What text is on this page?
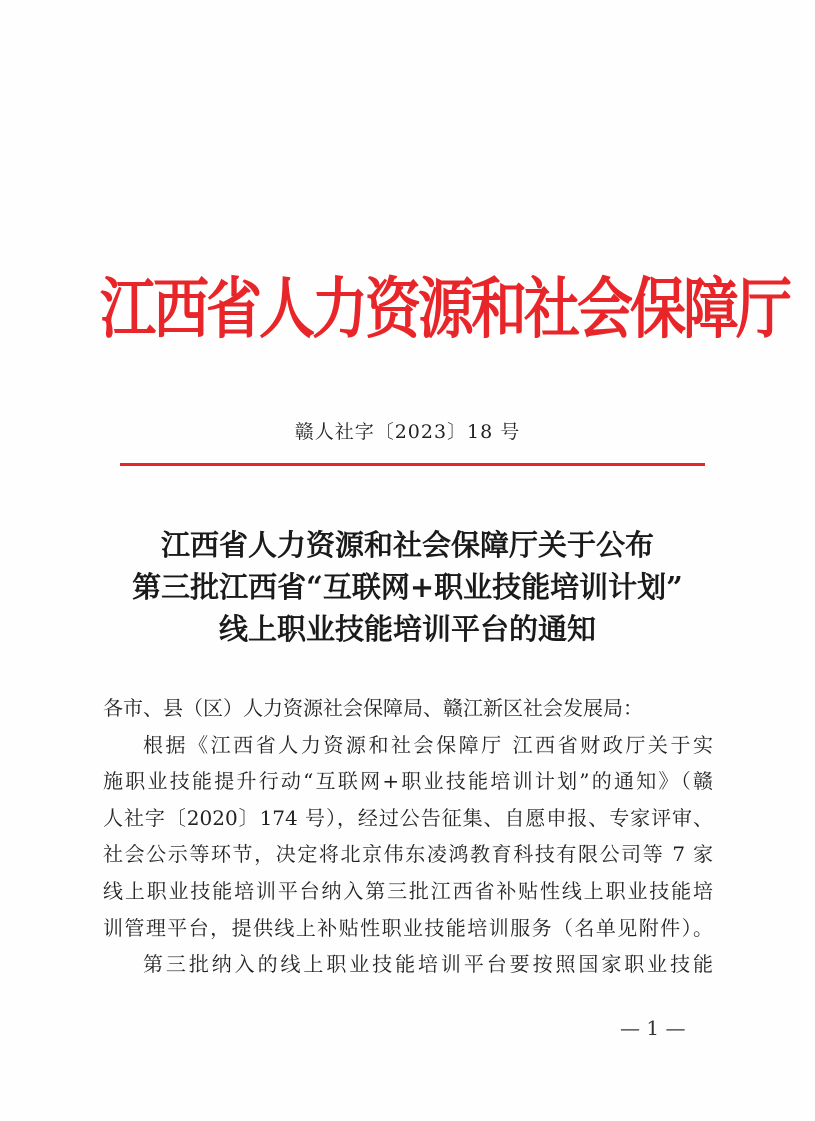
江西省人力资源和社会保障厅
赣人社字〔2023〕18 号
江西省人力资源和社会保障厅关于公布
第三批江西省“互联网+职业技能培训计划”
线上职业技能培训平台的通知

各市、县（区）人力资源社会保障局、赣江新区社会发展局：

根据《江西省人力资源和社会保障厅 江西省财政厅关于实

施职业技能提升行动“互联网+职业技能培训计划”的通知》（赣

人社字〔2020〕174 号），经过公告征集、自愿申报、专家评审、

社会公示等环节，决定将北京伟东凌鸿教育科技有限公司等 7 家

线上职业技能培训平台纳入第三批江西省补贴性线上职业技能培

训管理平台，提供线上补贴性职业技能培训服务（名单见附件）。

第三批纳入的线上职业技能培训平台要按照国家职业技能

— 1 —
